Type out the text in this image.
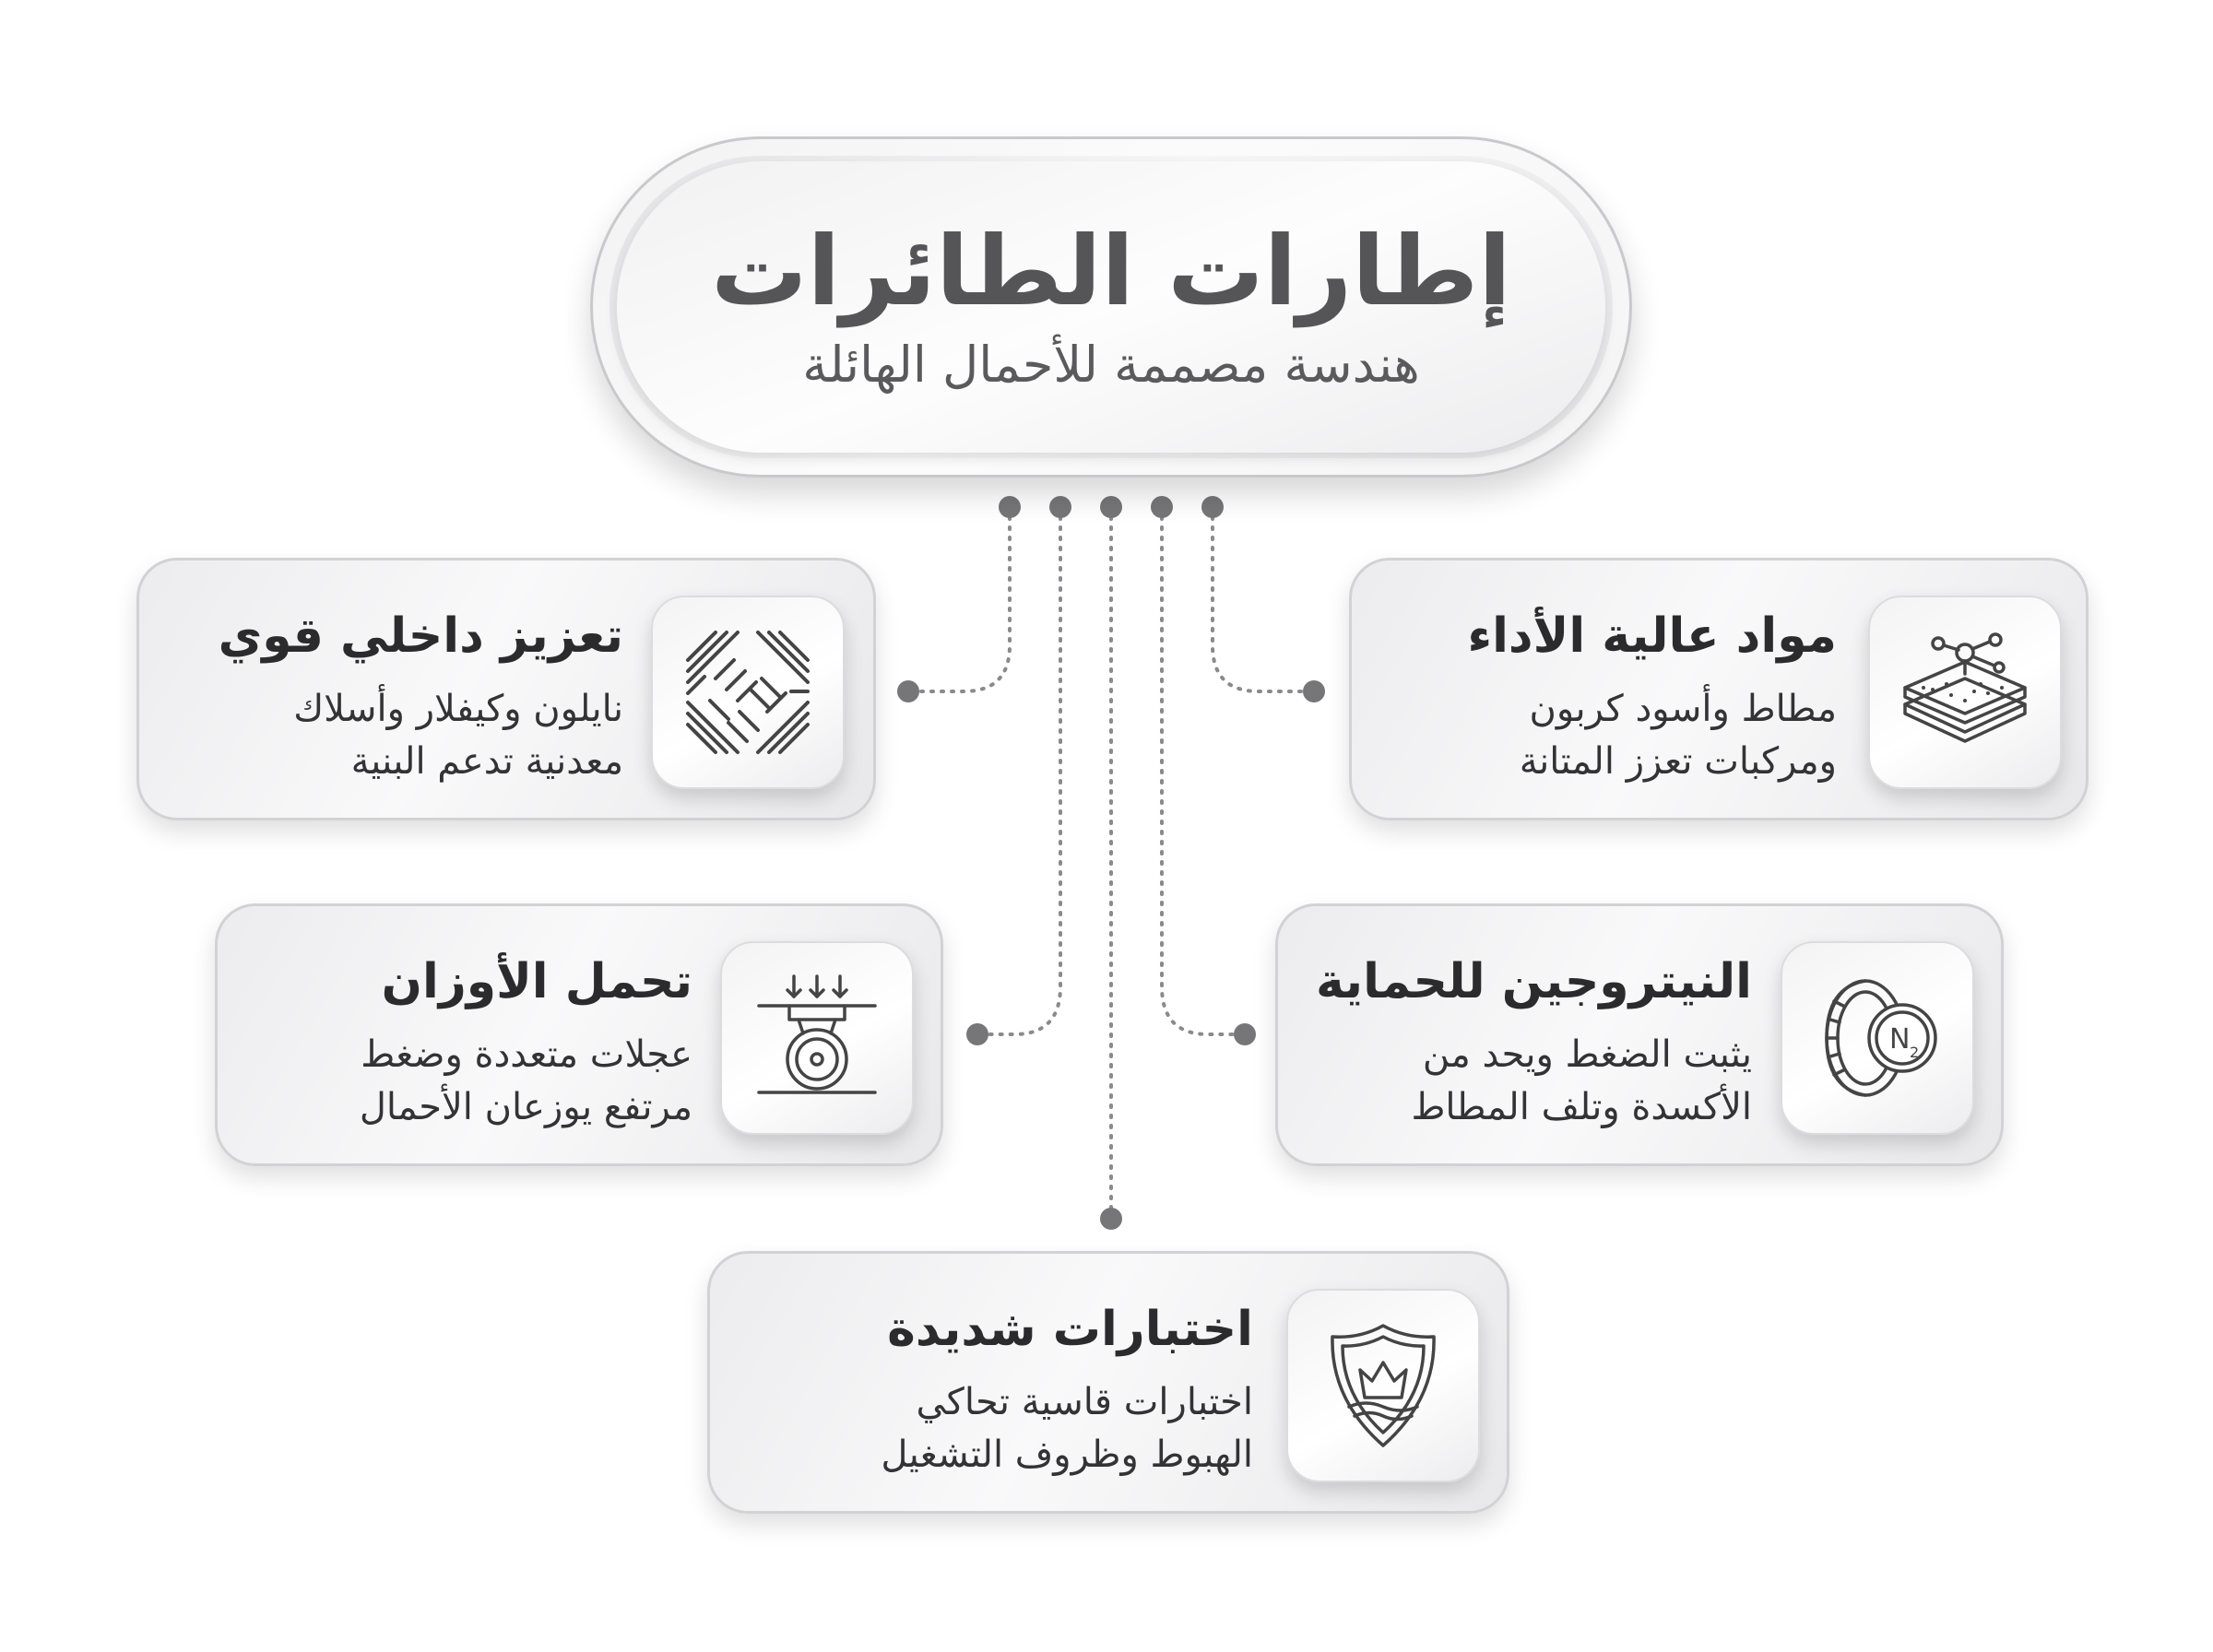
إطارات الطائرات
هندسة مصممة للأحمال الهائلة
مواد عالية الأداء
مطاط وأسود كربون
ومركبات تعزز المتانة
تعزيز داخلي قوي
نايلون وكيفلار وأسلاك
معدنية تدعم البنية
N 2
النيتروجين للحماية
يثبت الضغط ويحد من
الأكسدة وتلف المطاط
تحمل الأوزان
عجلات متعددة وضغط
مرتفع يوزعان الأحمال
اختبارات شديدة
اختبارات قاسية تحاكي
الهبوط وظروف التشغيل
